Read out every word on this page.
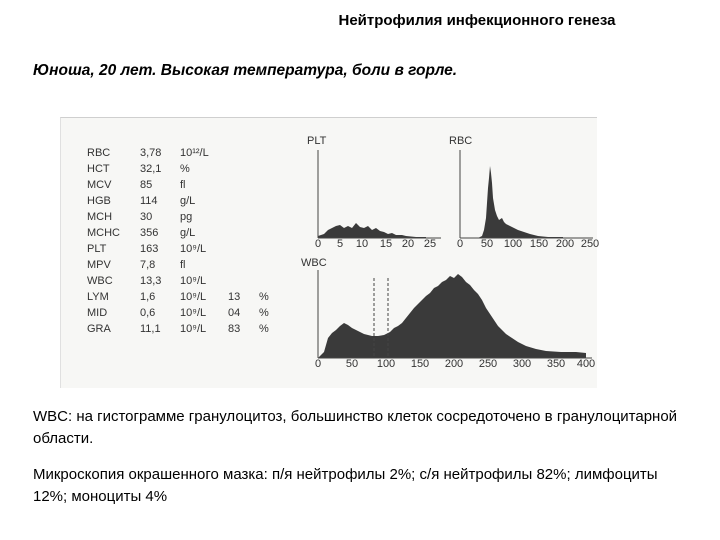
Нейтрофилия инфекционного генеза
Юноша, 20 лет. Высокая температура, боли в горле.
RBC	3,78 10¹²/L
HCT	32,1 %
MCV	85	fl
HGB	114 g/L
MCH	30	pg
MCHC 356 g/L
PLT	163 10⁹/L
MPV	7,8 fl
WBC 13,3 10⁹/L
LYM	1,6 10⁹/L 13 %
MID	0,6 10⁹/L 04 %
GRA	11,1 10⁹/L 83 %
PLT
0 5 10 15 20 25
RBC
0 50 100 150 200 250
WBC
0 50 100 150 200 250 300 350 400
WBC: на гистограмме гранулоцитоз, большинство клеток сосредоточено в гранулоцитарной области.
Микроскопия окрашенного мазка: п/я нейтрофилы 2%; с/я нейтрофилы 82%; лимфоциты 12%; моноциты 4%
